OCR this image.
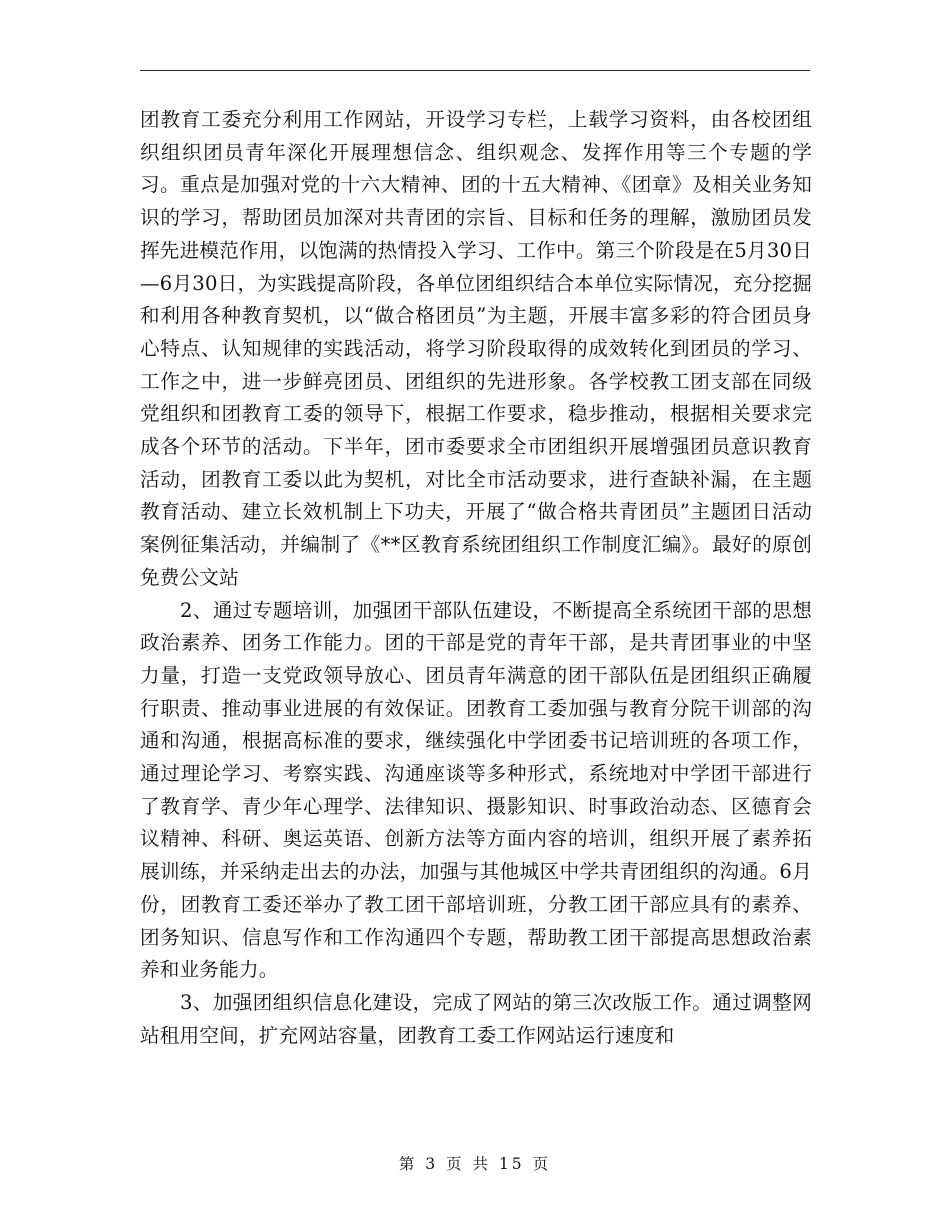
团教育工委充分利用工作网站，开设学习专栏，上载学习资料，由各校团组织组织团员青年深化开展理想信念、组织观念、发挥作用等三个专题的学习。重点是加强对党的十六大精神、团的十五大精神、《团章》及相关业务知识的学习，帮助团员加深对共青团的宗旨、目标和任务的理解，激励团员发挥先进模范作用，以饱满的热情投入学习、工作中。第三个阶段是在5月30日—6月30日，为实践提高阶段，各单位团组织结合本单位实际情况，充分挖掘和利用各种教育契机，以“做合格团员”为主题，开展丰富多彩的符合团员身心特点、认知规律的实践活动，将学习阶段取得的成效转化到团员的学习、工作之中，进一步鲜亮团员、团组织的先进形象。各学校教工团支部在同级党组织和团教育工委的领导下，根据工作要求，稳步推动，根据相关要求完成各个环节的活动。下半年，团市委要求全市团组织开展增强团员意识教育活动，团教育工委以此为契机，对比全市活动要求，进行查缺补漏，在主题教育活动、建立长效机制上下功夫，开展了“做合格共青团员”主题团日活动案例征集活动，并编制了《**区教育系统团组织工作制度汇编》。最好的原创免费公文站

2、通过专题培训，加强团干部队伍建设，不断提高全系统团干部的思想政治素养、团务工作能力。团的干部是党的青年干部，是共青团事业的中坚力量，打造一支党政领导放心、团员青年满意的团干部队伍是团组织正确履行职责、推动事业进展的有效保证。团教育工委加强与教育分院干训部的沟通和沟通，根据高标准的要求，继续强化中学团委书记培训班的各项工作，通过理论学习、考察实践、沟通座谈等多种形式，系统地对中学团干部进行了教育学、青少年心理学、法律知识、摄影知识、时事政治动态、区德育会议精神、科研、奥运英语、创新方法等方面内容的培训，组织开展了素养拓展训练，并采纳走出去的办法，加强与其他城区中学共青团组织的沟通。6月份，团教育工委还举办了教工团干部培训班，分教工团干部应具有的素养、团务知识、信息写作和工作沟通四个专题，帮助教工团干部提高思想政治素养和业务能力。

3、加强团组织信息化建设，完成了网站的第三次改版工作。通过调整网站租用空间，扩充网站容量，团教育工委工作网站运行速度和

第 3 页 共 15 页
